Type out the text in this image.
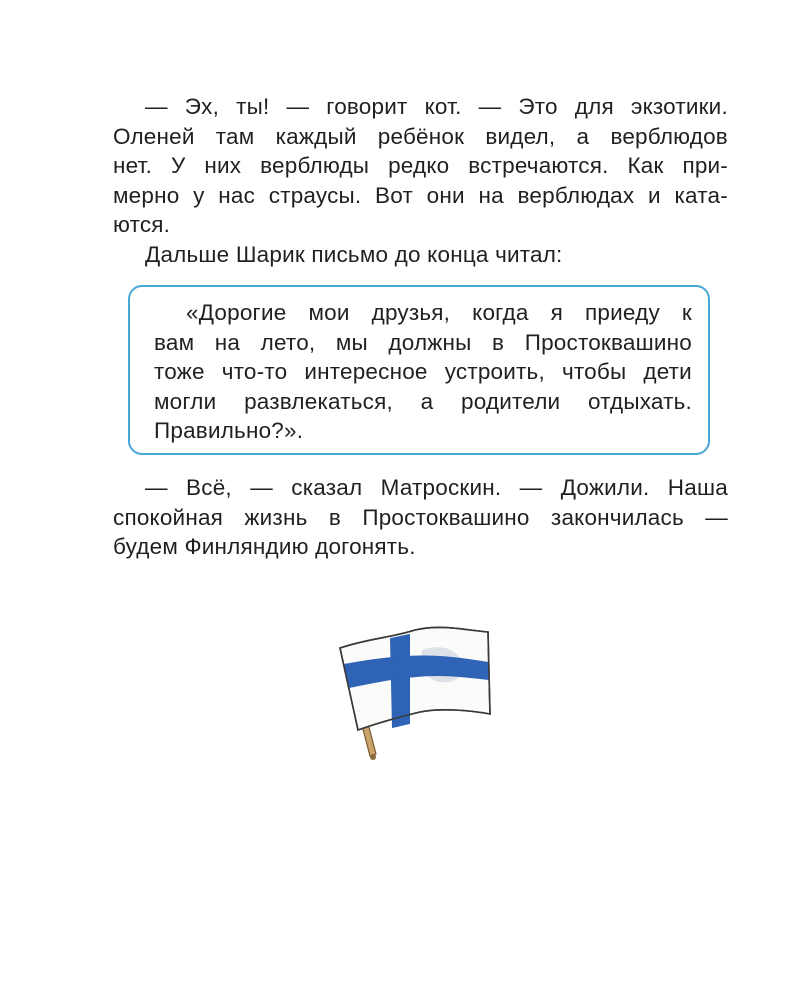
— Эх, ты! — говорит кот. — Это для экзотики.
Оленей там каждый ребёнок видел, а верблюдов
нет. У них верблюды редко встречаются. Как при-
мерно у нас страусы. Вот они на верблюдах и ката-
ются.
Дальше Шарик письмо до конца читал:
«Дорогие мои друзья, когда я приеду к
вам на лето, мы должны в Простоквашино
тоже что-то интересное устроить, чтобы дети
могли развлекаться, а родители отдыхать.
Правильно?».
— Всё, — сказал Матроскин. — Дожили. Наша
спокойная жизнь в Простоквашино закончилась —
будем Финляндию догонять.
